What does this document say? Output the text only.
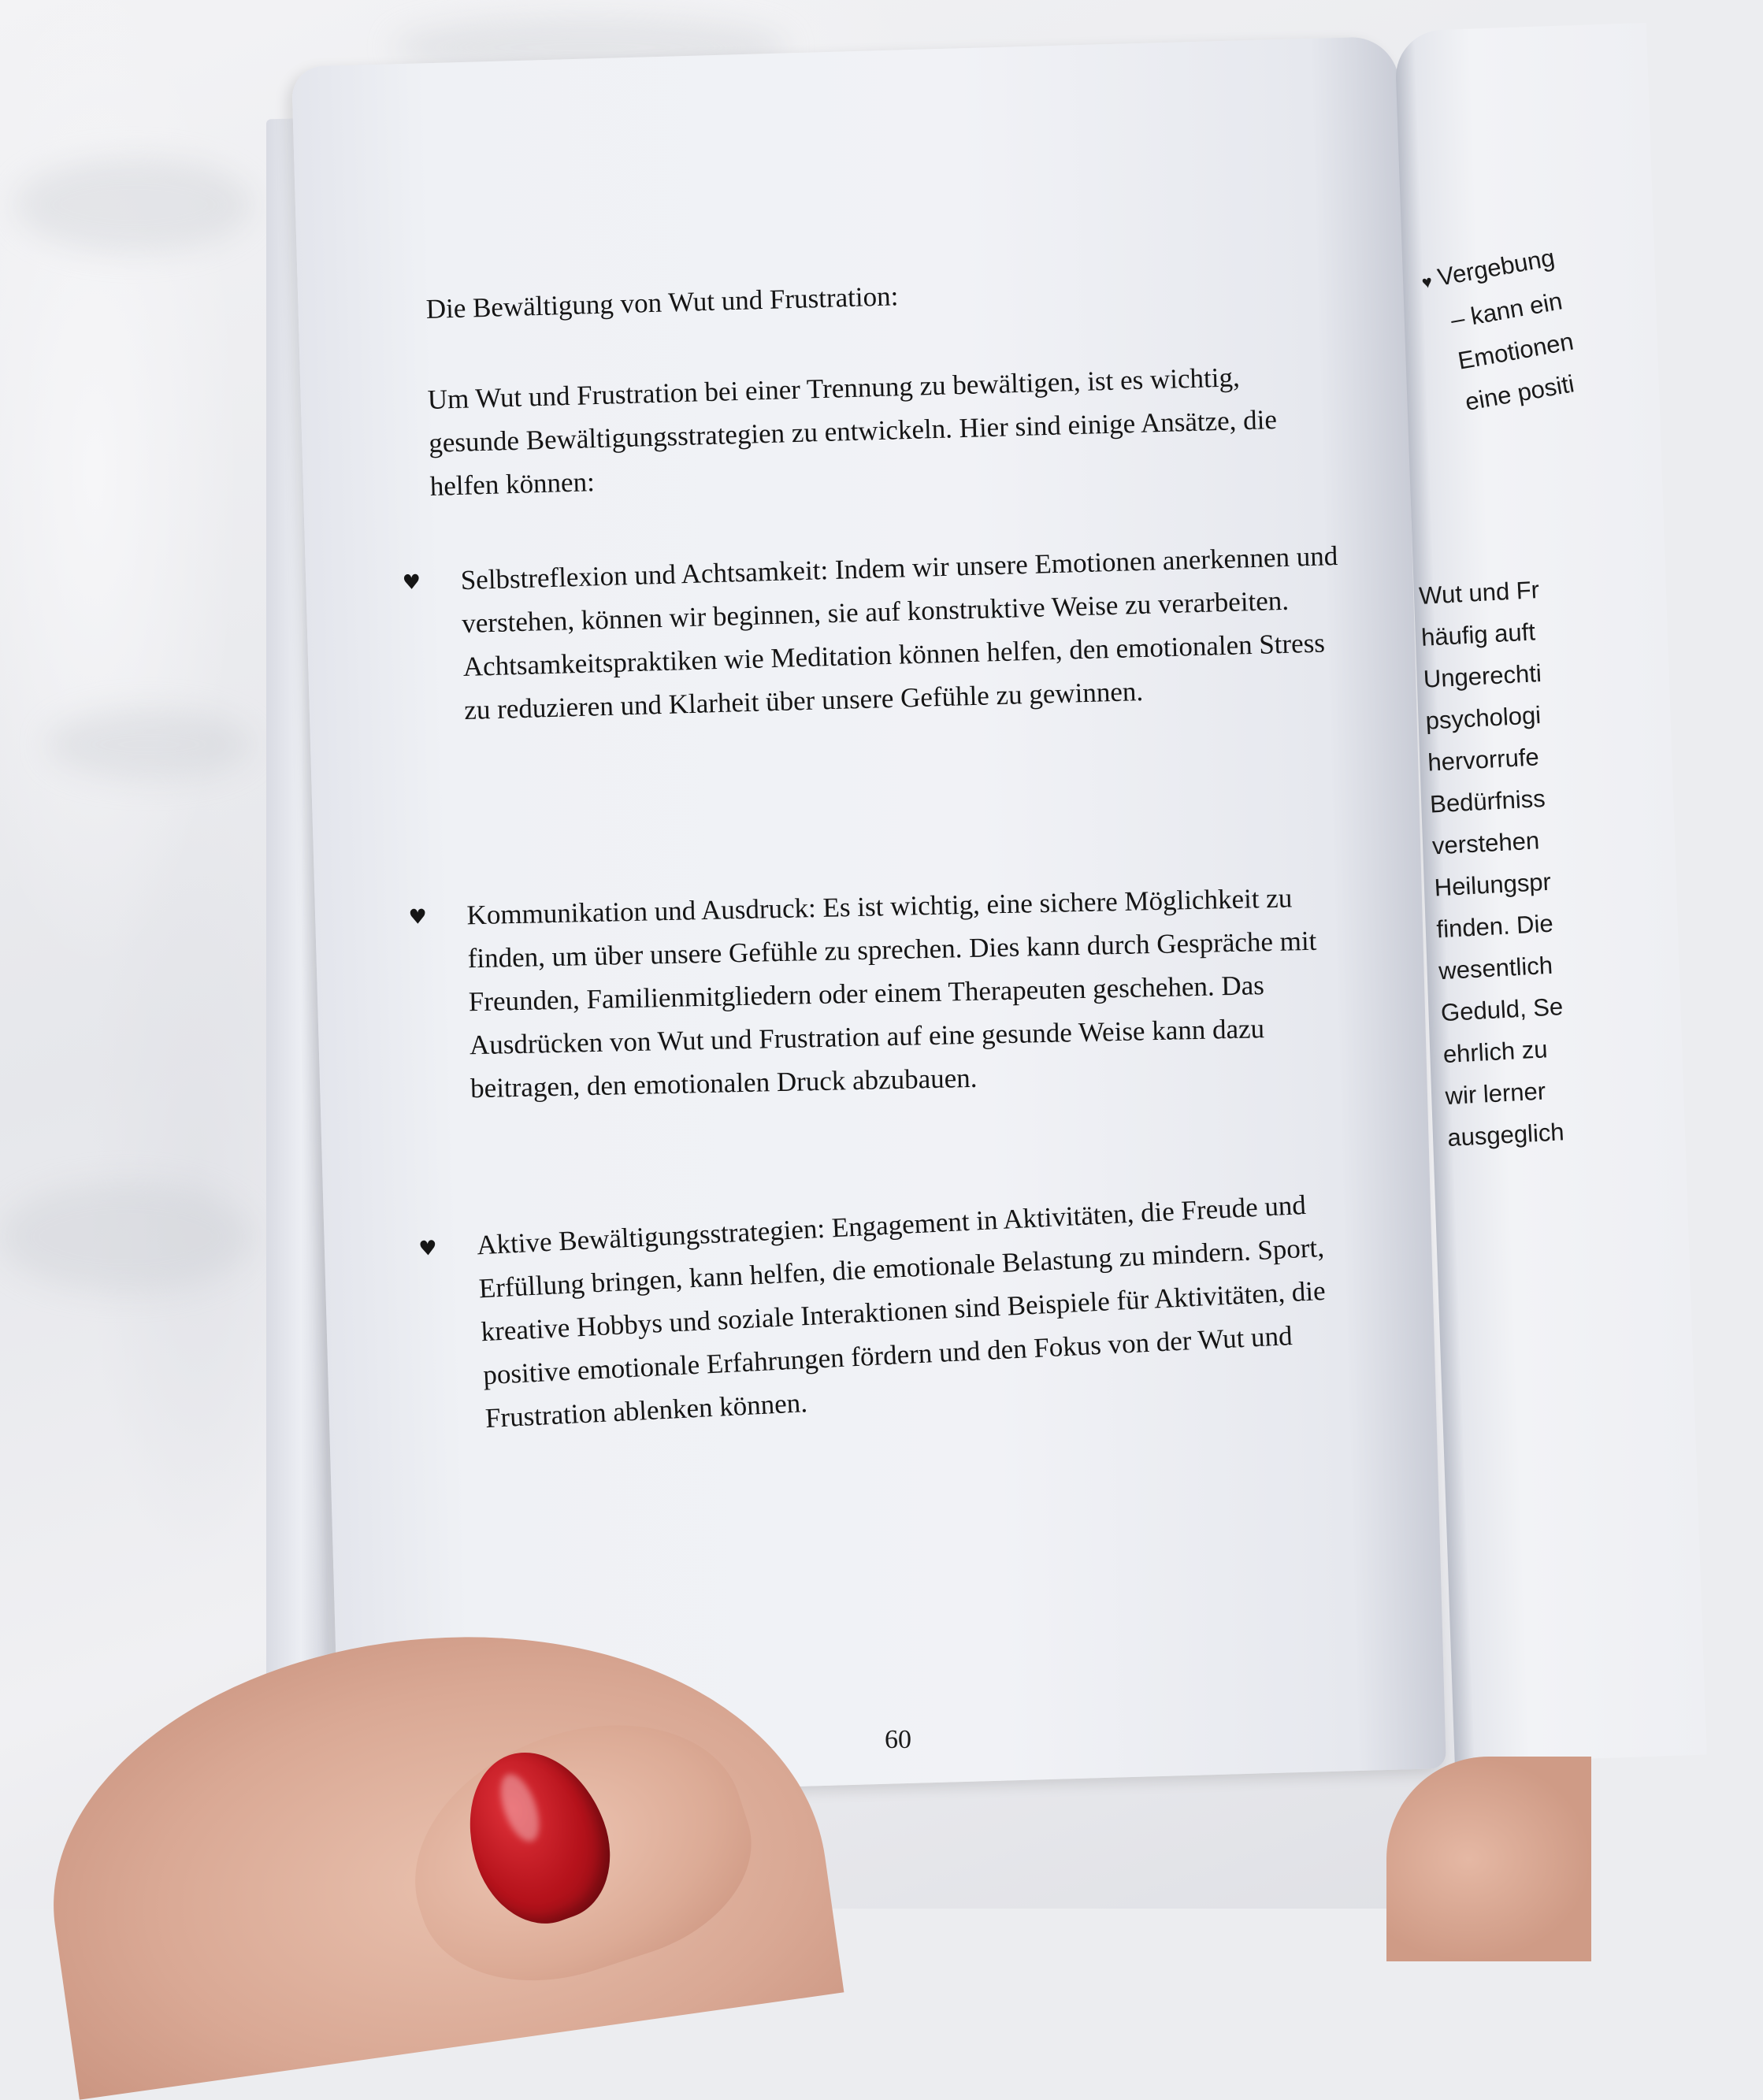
Die Bewältigung von Wut und Frustration:
Um Wut und Frustration bei einer Trennung zu bewältigen, ist es wichtig, gesunde Bewältigungsstrategien zu entwickeln. Hier sind einige Ansätze, die helfen können:
♥ Selbstreflexion und Achtsamkeit: Indem wir unsere Emotionen anerkennen und verstehen, können wir beginnen, sie auf konstruktive Weise zu verarbeiten. Achtsamkeitspraktiken wie Meditation können helfen, den emotionalen Stress zu reduzieren und Klarheit über unsere Gefühle zu gewinnen.
♥ Kommunikation und Ausdruck: Es ist wichtig, eine sichere Möglichkeit zu finden, um über unsere Gefühle zu sprechen. Dies kann durch Gespräche mit Freunden, Familienmitgliedern oder einem Therapeuten geschehen. Das Ausdrücken von Wut und Frustration auf eine gesunde Weise kann dazu beitragen, den emotionalen Druck abzubauen.
♥ Aktive Bewältigungsstrategien: Engagement in Aktivitäten, die Freude und Erfüllung bringen, kann helfen, die emotionale Belastung zu mindern. Sport, kreative Hobbys und soziale Interaktionen sind Beispiele für Aktivitäten, die positive emotionale Erfahrungen fördern und den Fokus von der Wut und Frustration ablenken können.
60
♥Vergebung
– kann ein
Emotionen
eine positi
Wut und Fr
häufig auft
Ungerechti
psychologi
hervorrufe
Bedürfniss
verstehen
Heilungspr
finden. Die
wesentlich
Geduld, Se
ehrlich zu
wir lerner
ausgeglich
